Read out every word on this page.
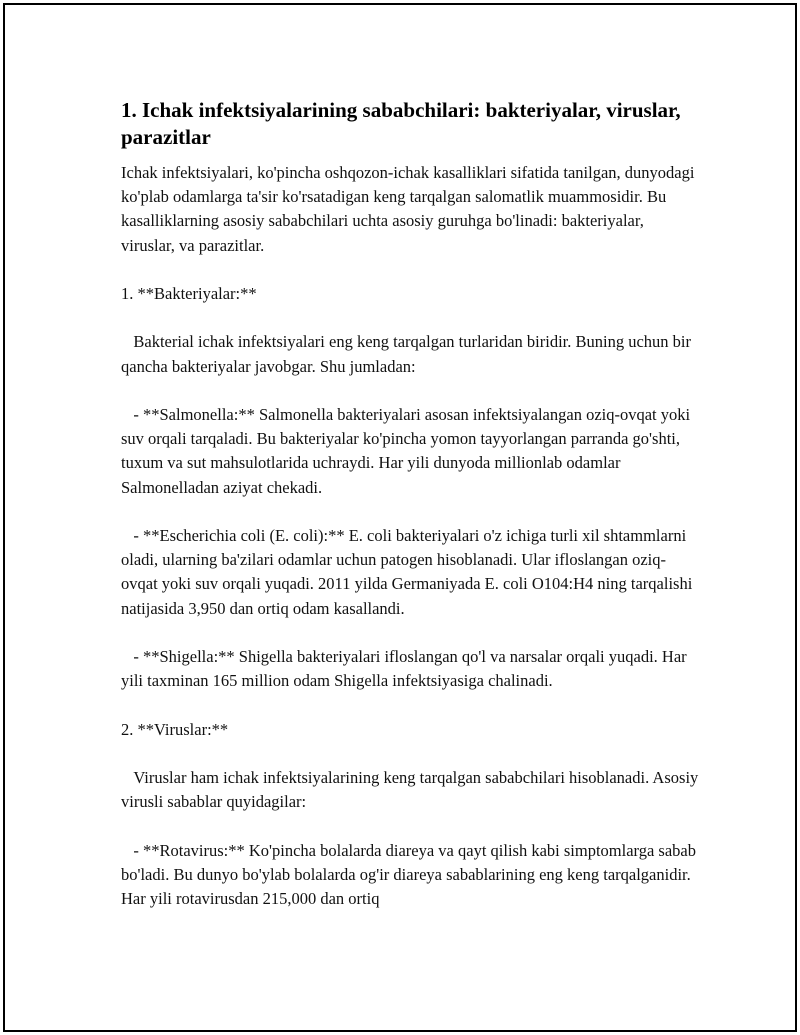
1. Ichak infektsiyalarining sababchilari: bakteriyalar, viruslar, parazitlar

Ichak infektsiyalari, ko'pincha oshqozon-ichak kasalliklari sifatida tanilgan, dunyodagi ko'plab odamlarga ta'sir ko'rsatadigan keng tarqalgan salomatlik muammosidir. Bu kasalliklarning asosiy sababchilari uchta asosiy guruhga bo'linadi: bakteriyalar, viruslar, va parazitlar.

1. **Bakteriyalar:**

Bakterial ichak infektsiyalari eng keng tarqalgan turlaridan biridir. Buning uchun bir qancha bakteriyalar javobgar. Shu jumladan:

- **Salmonella:** Salmonella bakteriyalari asosan infektsiyalangan oziq-ovqat yoki suv orqali tarqaladi. Bu bakteriyalar ko'pincha yomon tayyorlangan parranda go'shti, tuxum va sut mahsulotlarida uchraydi. Har yili dunyoda millionlab odamlar Salmonelladan aziyat chekadi.

- **Escherichia coli (E. coli):** E. coli bakteriyalari o'z ichiga turli xil shtammlarni oladi, ularning ba'zilari odamlar uchun patogen hisoblanadi. Ular ifloslangan oziq-ovqat yoki suv orqali yuqadi. 2011 yilda Germaniyada E. coli O104:H4 ning tarqalishi natijasida 3,950 dan ortiq odam kasallandi.

- **Shigella:** Shigella bakteriyalari ifloslangan qo'l va narsalar orqali yuqadi. Har yili taxminan 165 million odam Shigella infektsiyasiga chalinadi.

2. **Viruslar:**

Viruslar ham ichak infektsiyalarining keng tarqalgan sababchilari hisoblanadi. Asosiy virusli sabablar quyidagilar:

- **Rotavirus:** Ko'pincha bolalarda diareya va qayt qilish kabi simptomlarga sabab bo'ladi. Bu dunyo bo'ylab bolalarda og'ir diareya sabablarining eng keng tarqalganidir. Har yili rotavirusdan 215,000 dan ortiq
